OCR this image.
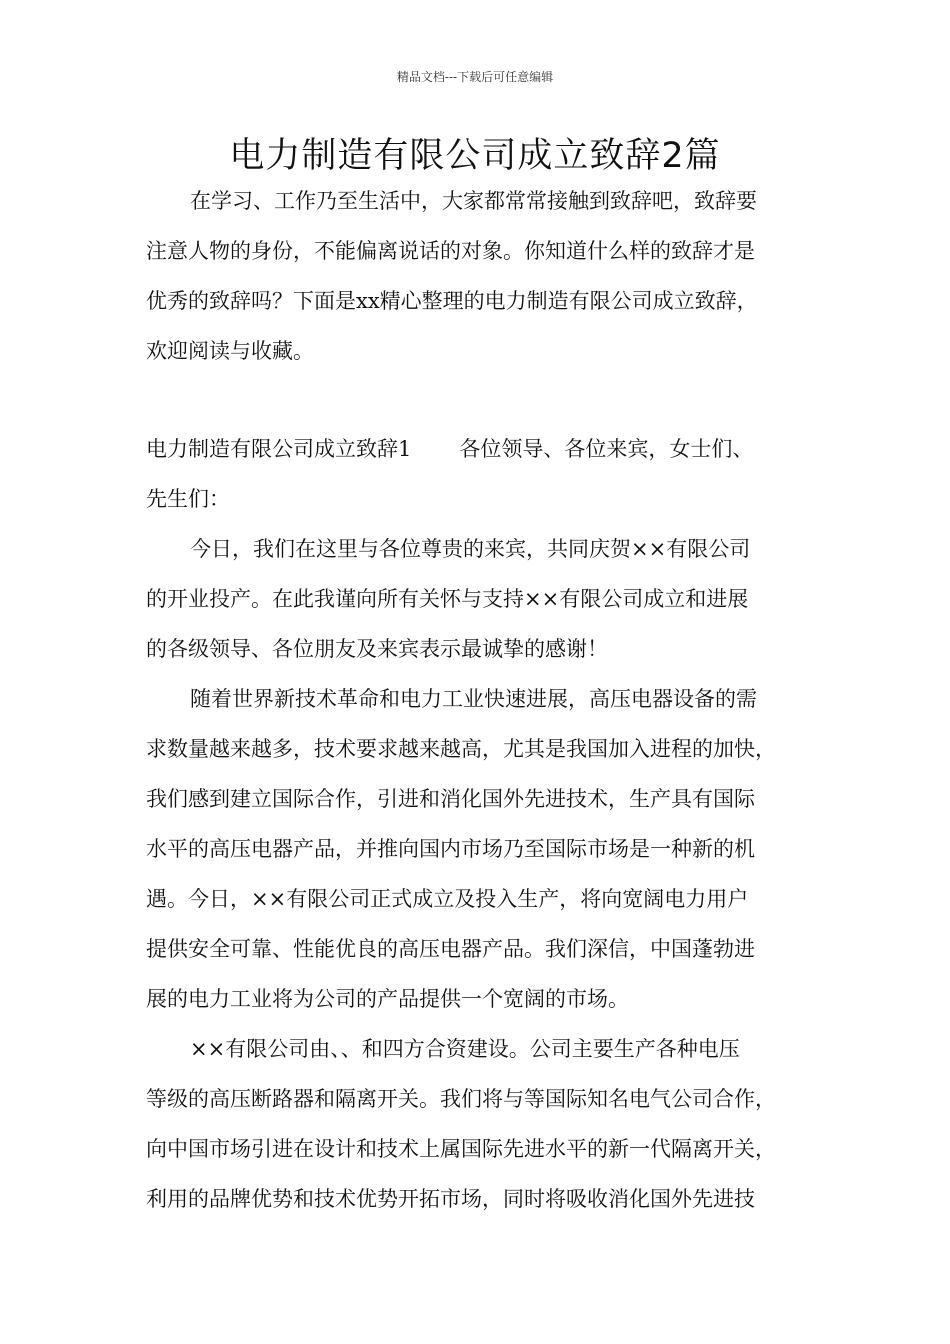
精品文档---下载后可任意编辑
电力制造有限公司成立致辞2篇
在学习、工作乃至生活中，大家都常常接触到致辞吧，致辞要
注意人物的身份，不能偏离说话的对象。你知道什么样的致辞才是
优秀的致辞吗？下面是xx精心整理的电力制造有限公司成立致辞，
欢迎阅读与收藏。
电力制造有限公司成立致辞1 各位领导、各位来宾，女士们、
先生们：
今日，我们在这里与各位尊贵的来宾，共同庆贺××有限公司
的开业投产。在此我谨向所有关怀与支持××有限公司成立和进展
的各级领导、各位朋友及来宾表示最诚挚的感谢！
随着世界新技术革命和电力工业快速进展，高压电器设备的需
求数量越来越多，技术要求越来越高，尤其是我国加入进程的加快，
我们感到建立国际合作，引进和消化国外先进技术，生产具有国际
水平的高压电器产品，并推向国内市场乃至国际市场是一种新的机
遇。今日，××有限公司正式成立及投入生产，将向宽阔电力用户
提供安全可靠、性能优良的高压电器产品。我们深信，中国蓬勃进
展的电力工业将为公司的产品提供一个宽阔的市场。
××有限公司由、、和四方合资建设。公司主要生产各种电压
等级的高压断路器和隔离开关。我们将与等国际知名电气公司合作，
向中国市场引进在设计和技术上属国际先进水平的新一代隔离开关，
利用的品牌优势和技术优势开拓市场，同时将吸收消化国外先进技
